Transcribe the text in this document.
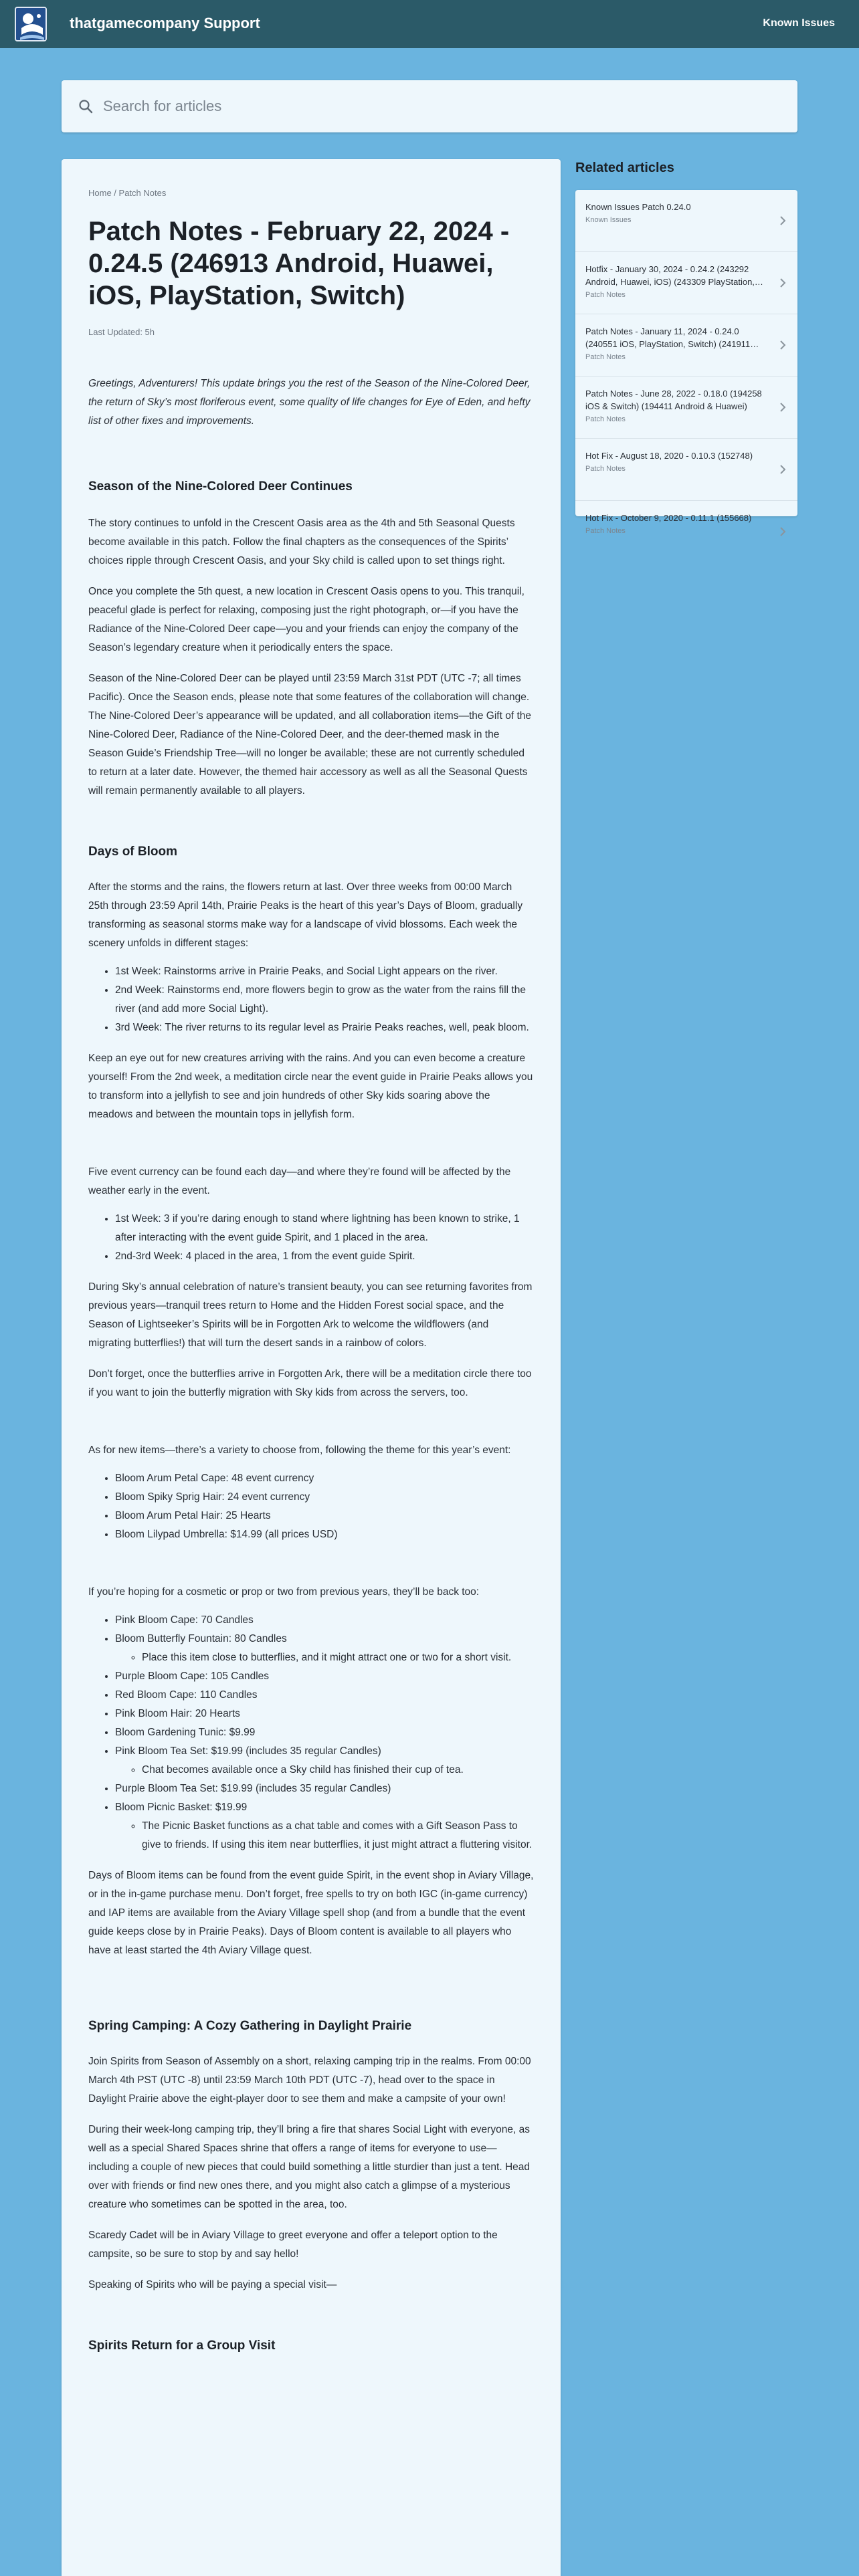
thatgamecompany Support	Known Issues
Search for articles
Home / Patch Notes
Patch Notes - February 22, 2024 - 0.24.5 (246913 Android, Huawei, iOS, PlayStation, Switch)
Last Updated: 5h

Greetings, Adventurers! This update brings you the rest of the Season of the Nine-Colored Deer, the return of Sky’s most floriferous event, some quality of life changes for Eye of Eden, and hefty list of other fixes and improvements.

Season of the Nine-Colored Deer Continues

The story continues to unfold in the Crescent Oasis area as the 4th and 5th Seasonal Quests become available in this patch. Follow the final chapters as the consequences of the Spirits’ choices ripple through Crescent Oasis, and your Sky child is called upon to set things right.

Once you complete the 5th quest, a new location in Crescent Oasis opens to you. This tranquil, peaceful glade is perfect for relaxing, composing just the right photograph, or—if you have the Radiance of the Nine-Colored Deer cape—you and your friends can enjoy the company of the Season’s legendary creature when it periodically enters the space.

Season of the Nine-Colored Deer can be played until 23:59 March 31st PDT (UTC -7; all times Pacific). Once the Season ends, please note that some features of the collaboration will change. The Nine-Colored Deer’s appearance will be updated, and all collaboration items—the Gift of the Nine-Colored Deer, Radiance of the Nine-Colored Deer, and the deer-themed mask in the Season Guide’s Friendship Tree—will no longer be available; these are not currently scheduled to return at a later date. However, the themed hair accessory as well as all the Seasonal Quests will remain permanently available to all players.

Days of Bloom

After the storms and the rains, the flowers return at last. Over three weeks from 00:00 March 25th through 23:59 April 14th, Prairie Peaks is the heart of this year’s Days of Bloom, gradually transforming as seasonal storms make way for a landscape of vivid blossoms. Each week the scenery unfolds in different stages:

• 1st Week: Rainstorms arrive in Prairie Peaks, and Social Light appears on the river.
• 2nd Week: Rainstorms end, more flowers begin to grow as the water from the rains fill the river (and add more Social Light).
• 3rd Week: The river returns to its regular level as Prairie Peaks reaches, well, peak bloom.

Keep an eye out for new creatures arriving with the rains. And you can even become a creature yourself! From the 2nd week, a meditation circle near the event guide in Prairie Peaks allows you to transform into a jellyfish to see and join hundreds of other Sky kids soaring above the meadows and between the mountain tops in jellyfish form.

Five event currency can be found each day—and where they’re found will be affected by the weather early in the event.

• 1st Week: 3 if you’re daring enough to stand where lightning has been known to strike, 1 after interacting with the event guide Spirit, and 1 placed in the area.
• 2nd-3rd Week: 4 placed in the area, 1 from the event guide Spirit.

During Sky’s annual celebration of nature’s transient beauty, you can see returning favorites from previous years—tranquil trees return to Home and the Hidden Forest social space, and the Season of Lightseeker’s Spirits will be in Forgotten Ark to welcome the wildflowers (and migrating butterflies!) that will turn the desert sands in a rainbow of colors.

Don’t forget, once the butterflies arrive in Forgotten Ark, there will be a meditation circle there too if you want to join the butterfly migration with Sky kids from across the servers, too.

As for new items—there’s a variety to choose from, following the theme for this year’s event:

• Bloom Arum Petal Cape: 48 event currency
• Bloom Spiky Sprig Hair: 24 event currency
• Bloom Arum Petal Hair: 25 Hearts
• Bloom Lilypad Umbrella: $14.99 (all prices USD)

If you’re hoping for a cosmetic or prop or two from previous years, they’ll be back too:

• Pink Bloom Cape: 70 Candles
• Bloom Butterfly Fountain: 80 Candles
◦ Place this item close to butterflies, and it might attract one or two for a short visit.
• Purple Bloom Cape: 105 Candles
• Red Bloom Cape: 110 Candles
• Pink Bloom Hair: 20 Hearts
• Bloom Gardening Tunic: $9.99
• Pink Bloom Tea Set: $19.99 (includes 35 regular Candles)
◦ Chat becomes available once a Sky child has finished their cup of tea.
• Purple Bloom Tea Set: $19.99 (includes 35 regular Candles)
• Bloom Picnic Basket: $19.99
◦ The Picnic Basket functions as a chat table and comes with a Gift Season Pass to give to friends. If using this item near butterflies, it just might attract a fluttering visitor.

Days of Bloom items can be found from the event guide Spirit, in the event shop in Aviary Village, or in the in-game purchase menu. Don’t forget, free spells to try on both IGC (in-game currency) and IAP items are available from the Aviary Village spell shop (and from a bundle that the event guide keeps close by in Prairie Peaks). Days of Bloom content is available to all players who have at least started the 4th Aviary Village quest.

Spring Camping: A Cozy Gathering in Daylight Prairie

Join Spirits from Season of Assembly on a short, relaxing camping trip in the realms. From 00:00 March 4th PST (UTC -8) until 23:59 March 10th PDT (UTC -7), head over to the space in Daylight Prairie above the eight-player door to see them and make a campsite of your own!

During their week-long camping trip, they’ll bring a fire that shares Social Light with everyone, as well as a special Shared Spaces shrine that offers a range of items for everyone to use—including a couple of new pieces that could build something a little sturdier than just a tent. Head over with friends or find new ones there, and you might also catch a glimpse of a mysterious creature who sometimes can be spotted in the area, too.

Scaredy Cadet will be in Aviary Village to greet everyone and offer a teleport option to the campsite, so be sure to stop by and say hello!

Speaking of Spirits who will be paying a special visit—

Spirits Return for a Group Visit
Related articles
Known Issues Patch 0.24.0
Known Issues
Hotfix - January 30, 2024 - 0.24.2 (243292 Android, Huawei, iOS) (243309 PlayStation,
Patch Notes
Patch Notes - January 11, 2024 - 0.24.0 (240551 iOS, PlayStation, Switch) (241911
Patch Notes
Patch Notes - June 28, 2022 - 0.18.0 (194258 iOS & Switch) (194411 Android & Huawei)
Patch Notes
Hot Fix - August 18, 2020 - 0.10.3 (152748)
Patch Notes
Hot Fix - October 9, 2020 - 0.11.1 (155668)
Patch Notes
